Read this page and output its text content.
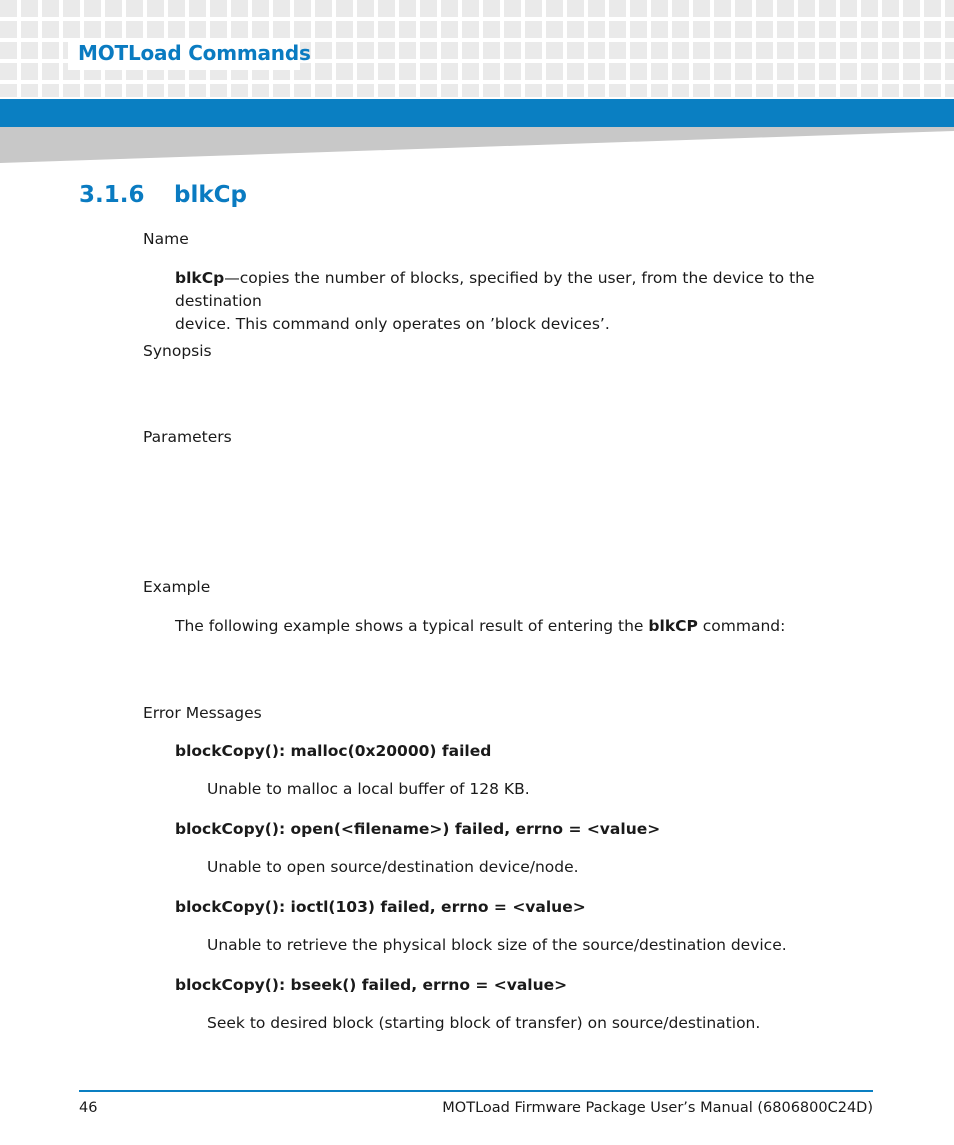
MOTLoad Commands
3.1.6 blkCp
Name
blkCp—copies the number of blocks, specified by the user, from the device to the destination
device. This command only operates on ’block devices’.
Synopsis
Parameters
Example
The following example shows a typical result of entering the blkCP command:
Error Messages
blockCopy(): malloc(0x20000) failed
Unable to malloc a local buffer of 128 KB.
blockCopy(): open(<filename>) failed, errno = <value>
Unable to open source/destination device/node.
blockCopy(): ioctl(103) failed, errno = <value>
Unable to retrieve the physical block size of the source/destination device.
blockCopy(): bseek() failed, errno = <value>
Seek to desired block (starting block of transfer) on source/destination.
46	MOTLoad Firmware Package User’s Manual (6806800C24D)
